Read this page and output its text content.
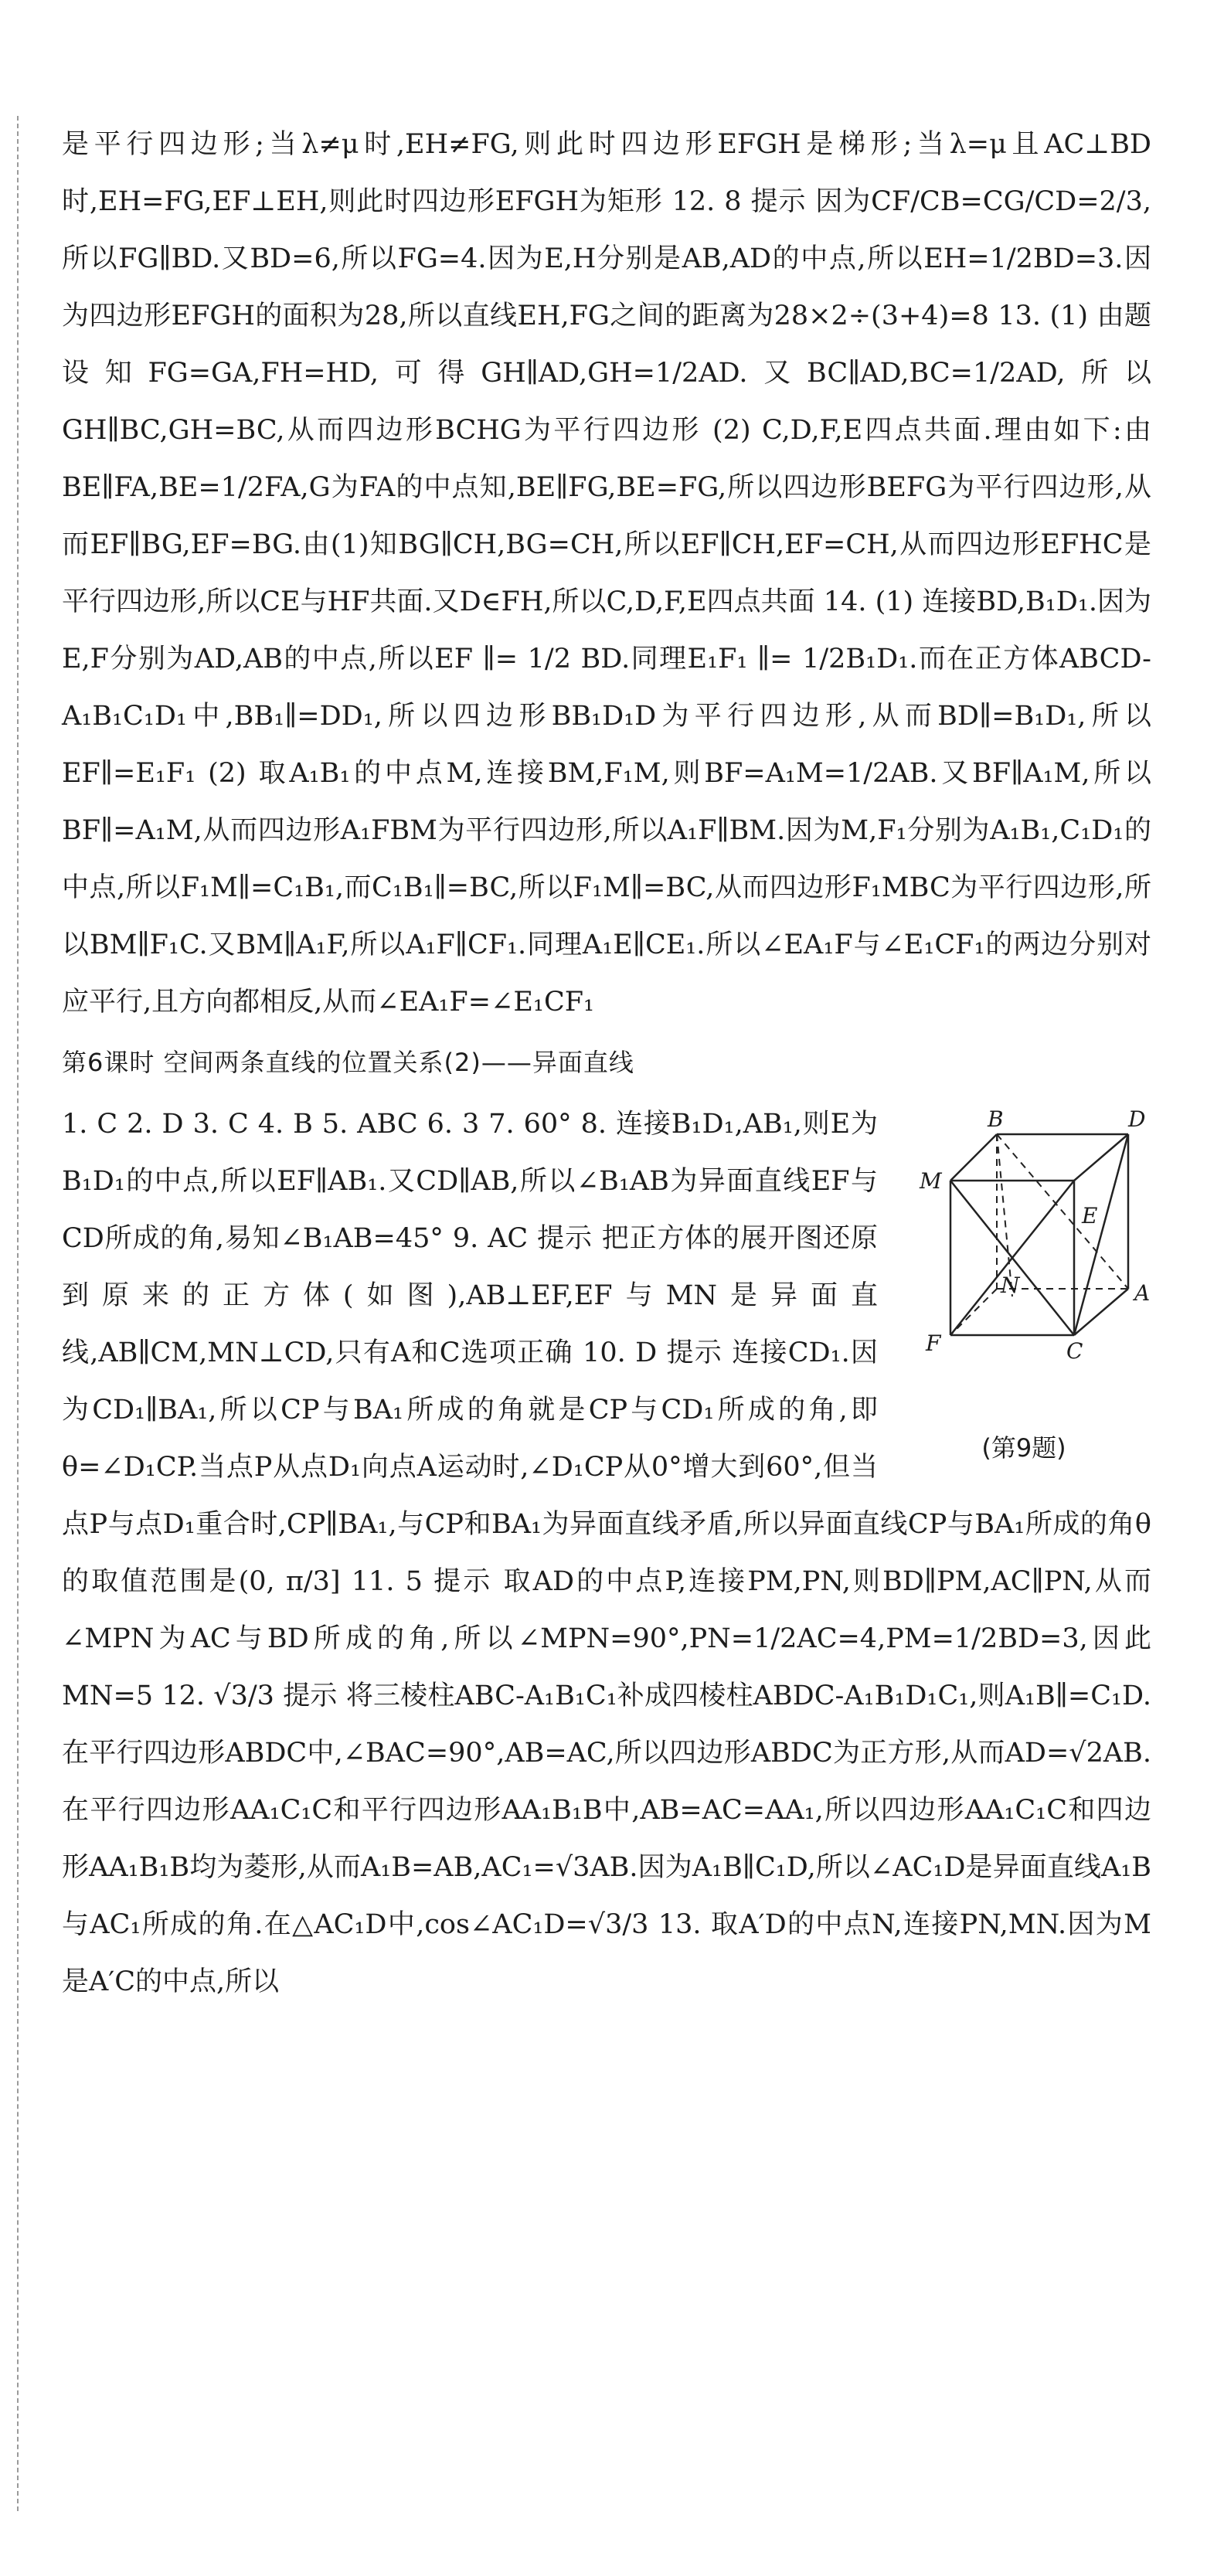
是平行四边形;当λ≠μ时,EH≠FG,则此时四边形EFGH是梯形;当λ=μ且AC⊥BD时,EH=FG,EF⊥EH,则此时四边形EFGH为矩形 12. 8 提示 因为CF/CB=CG/CD=2/3,所以FG∥BD.又BD=6,所以FG=4.因为E,H分别是AB,AD的中点,所以EH=1/2BD=3.因为四边形EFGH的面积为28,所以直线EH,FG之间的距离为28×2÷(3+4)=8 13. (1) 由题设知FG=GA,FH=HD,可得GH∥AD,GH=1/2AD.又BC∥AD,BC=1/2AD,所以GH∥BC,GH=BC,从而四边形BCHG为平行四边形 (2) C,D,F,E四点共面.理由如下:由BE∥FA,BE=1/2FA,G为FA的中点知,BE∥FG,BE=FG,所以四边形BEFG为平行四边形,从而EF∥BG,EF=BG.由(1)知BG∥CH,BG=CH,所以EF∥CH,EF=CH,从而四边形EFHC是平行四边形,所以CE与HF共面.又D∈FH,所以C,D,F,E四点共面 14. (1) 连接BD,B₁D₁.因为E,F分别为AD,AB的中点,所以EF ∥= 1/2 BD.同理E₁F₁ ∥= 1/2B₁D₁.而在正方体ABCD-A₁B₁C₁D₁中,BB₁∥=DD₁,所以四边形BB₁D₁D为平行四边形,从而BD∥=B₁D₁,所以EF∥=E₁F₁ (2) 取A₁B₁的中点M,连接BM,F₁M,则BF=A₁M=1/2AB.又BF∥A₁M,所以BF∥=A₁M,从而四边形A₁FBM为平行四边形,所以A₁F∥BM.因为M,F₁分别为A₁B₁,C₁D₁的中点,所以F₁M∥=C₁B₁,而C₁B₁∥=BC,所以F₁M∥=BC,从而四边形F₁MBC为平行四边形,所以BM∥F₁C.又BM∥A₁F,所以A₁F∥CF₁.同理A₁E∥CE₁.所以∠EA₁F与∠E₁CF₁的两边分别对应平行,且方向都相反,从而∠EA₁F=∠E₁CF₁

第6课时 空间两条直线的位置关系(2)——异面直线
B	D
M
E
N	A
F	C
(第9题)

1. C 2. D 3. C 4. B 5. ABC 6. 3 7. 60° 8. 连接B₁D₁,AB₁,则E为B₁D₁的中点,所以EF∥AB₁.又CD∥AB,所以∠B₁AB为异面直线EF与CD所成的角,易知∠B₁AB=45° 9. AC 提示 把正方体的展开图还原到原来的正方体(如图),AB⊥EF,EF与MN是异面直线,AB∥CM,MN⊥CD,只有A和C选项正确 10. D 提示 连接CD₁.因为CD₁∥BA₁,所以CP与BA₁所成的角就是CP与CD₁所成的角,即θ=∠D₁CP.当点P从点D₁向点A运动时,∠D₁CP从0°增大到60°,但当点P与点D₁重合时,CP∥BA₁,与CP和BA₁为异面直线矛盾,所以异面直线CP与BA₁所成的角θ的取值范围是(0, π/3] 11. 5 提示 取AD的中点P,连接PM,PN,则BD∥PM,AC∥PN,从而∠MPN为AC与BD所成的角,所以∠MPN=90°,PN=1/2AC=4,PM=1/2BD=3,因此MN=5 12. √3/3 提示 将三棱柱ABC-A₁B₁C₁补成四棱柱ABDC-A₁B₁D₁C₁,则A₁B∥=C₁D.在平行四边形ABDC中,∠BAC=90°,AB=AC,所以四边形ABDC为正方形,从而AD=√2AB.在平行四边形AA₁C₁C和平行四边形AA₁B₁B中,AB=AC=AA₁,所以四边形AA₁C₁C和四边形AA₁B₁B均为菱形,从而A₁B=AB,AC₁=√3AB.因为A₁B∥C₁D,所以∠AC₁D是异面直线A₁B与AC₁所成的角.在△AC₁D中,cos∠AC₁D=√3/3 13. 取A′D的中点N,连接PN,MN.因为M是A′C的中点,所以
